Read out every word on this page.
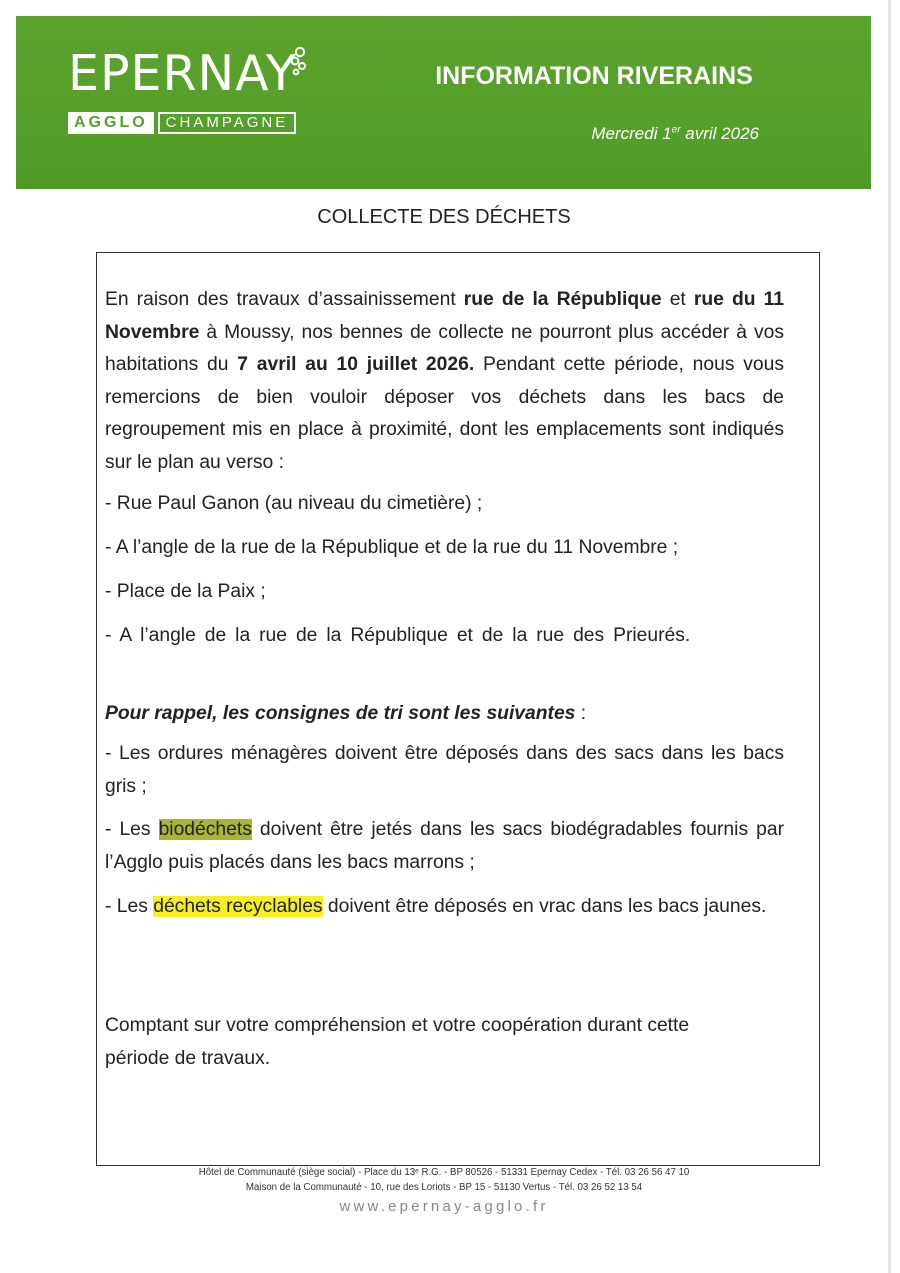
EPERNAY
AGGLO	CHAMPAGNE
INFORMATION RIVERAINS
Mercredi 1er avril 2026
COLLECTE DES DÉCHETS

En raison des travaux d’assainissement rue de la République et rue du 11 Novembre à Moussy, nos bennes de collecte ne pourront plus accéder à vos habitations du 7 avril au 10 juillet 2026. Pendant cette période, nous vous remercions de bien vouloir déposer vos déchets dans les bacs de regroupement mis en place à proximité, dont les emplacements sont indiqués sur le plan au verso :

- Rue Paul Ganon (au niveau du cimetière) ;

- A l’angle de la rue de la République et de la rue du 11 Novembre ;

- Place de la Paix ;

- A l’angle de la rue de la République et de la rue des Prieurés.

Pour rappel, les consignes de tri sont les suivantes :

- Les ordures ménagères doivent être déposés dans des sacs dans les bacs gris ;

- Les biodéchets doivent être jetés dans les sacs biodégradables fournis par l’Agglo puis placés dans les bacs marrons ;

- Les déchets recyclables doivent être déposés en vrac dans les bacs jaunes.

Comptant sur votre compréhension et votre coopération durant cette période de travaux.

Hôtel de Communauté (siège social) - Place du 13ᵉ R.G. - BP 80526 - 51331 Epernay Cedex - Tél. 03 26 56 47 10
Maison de la Communauté - 10, rue des Loriots - BP 15 - 51130 Vertus - Tél. 03 26 52 13 54
www.epernay-agglo.fr
